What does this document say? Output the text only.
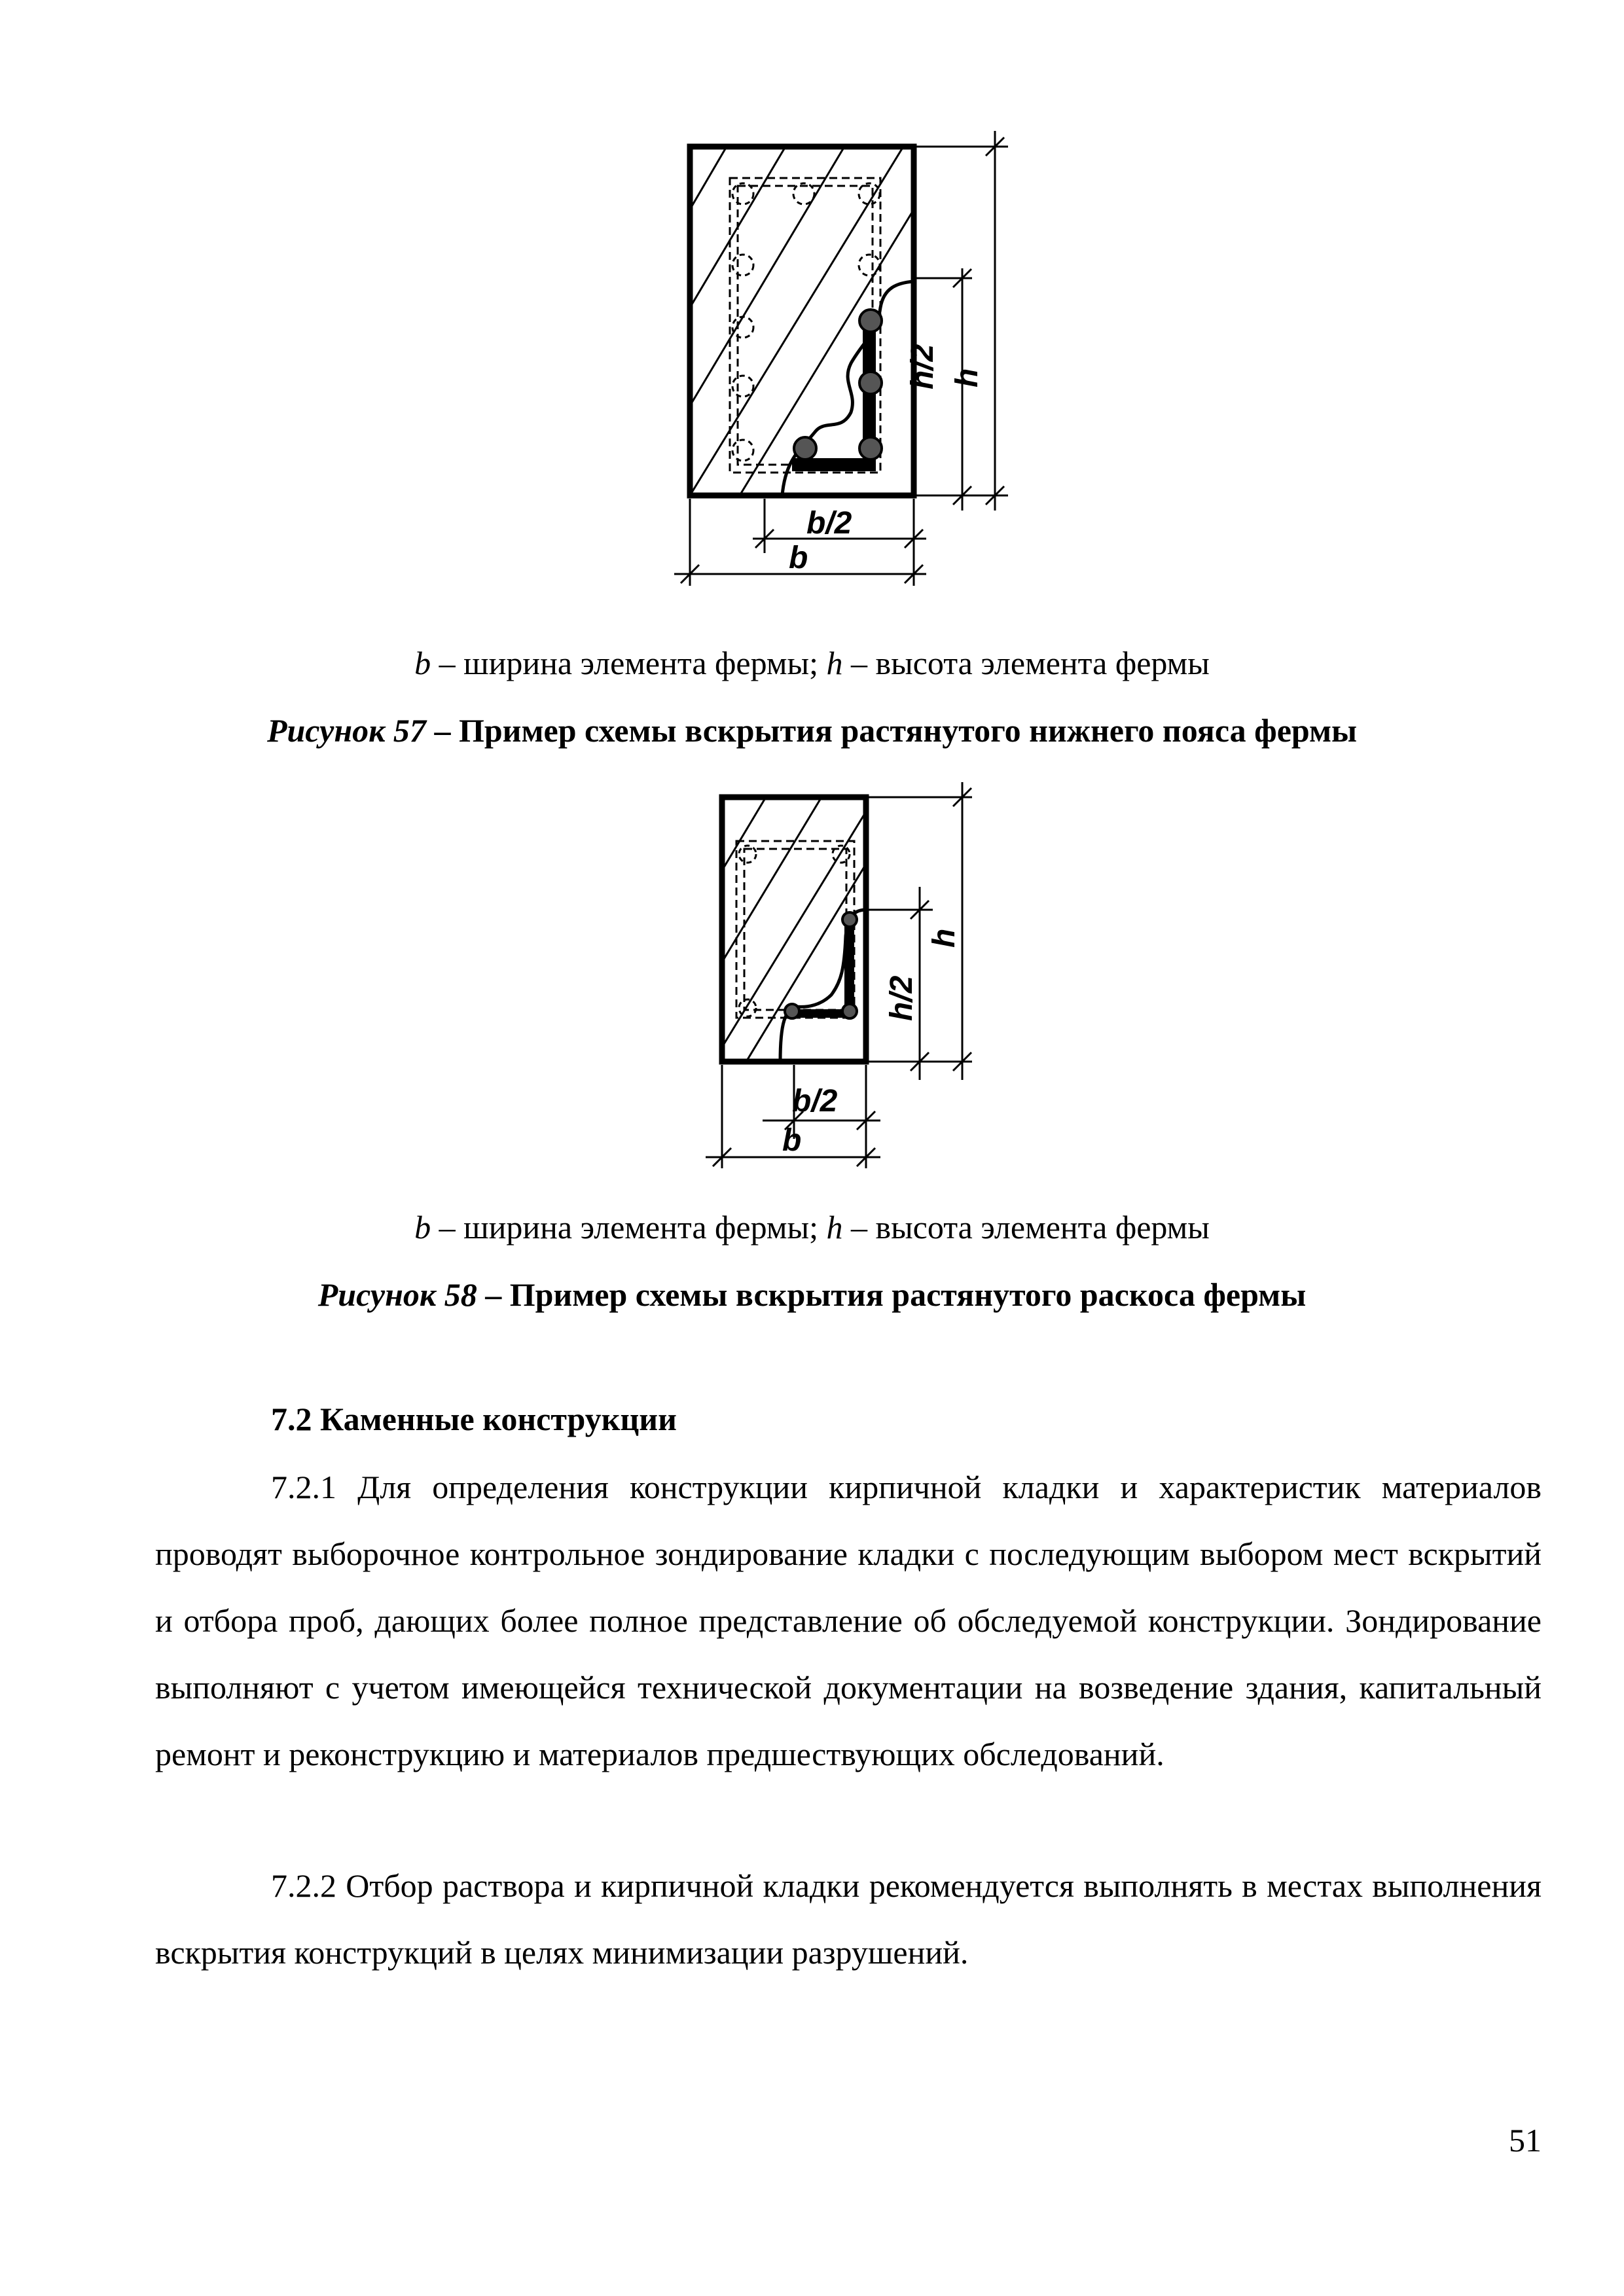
h/2 h
b/2
b
b – ширина элемента фермы; h – высота элемента фермы
Рисунок 57 – Пример схемы вскрытия растянутого нижнего пояса фермы
h/2
h
b/2
b
b – ширина элемента фермы; h – высота элемента фермы
Рисунок 58 – Пример схемы вскрытия растянутого раскоса фермы
7.2 Каменные конструкции

7.2.1 Для определения конструкции кирпичной кладки и характеристик материалов проводят выборочное контрольное зондирование кладки с последующим выбором мест вскрытий и отбора проб, дающих более полное представление об обследуемой конструкции. Зондирование выполняют с учетом имеющейся технической документации на возведение здания, капитальный ремонт и реконструкцию и материалов предшествующих обследований.

7.2.2 Отбор раствора и кирпичной кладки рекомендуется выполнять в местах выполнения вскрытия конструкций в целях минимизации разрушений.

51
